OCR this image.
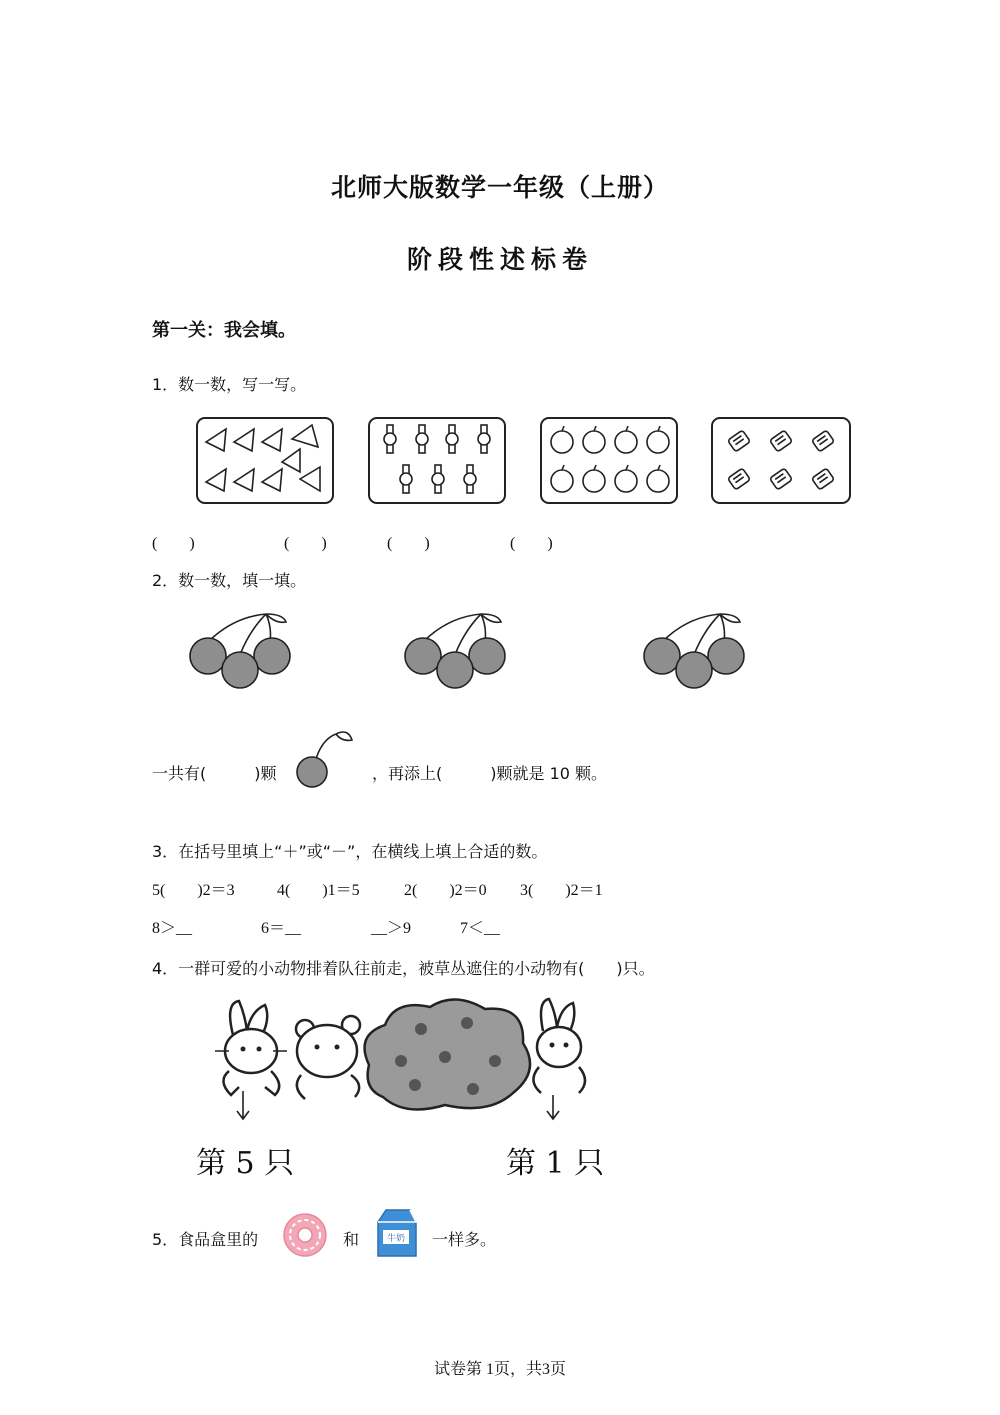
北师大版数学一年级（上册）
阶段性述标卷
第一关：我会填。
1．数一数，写一写。
(　　)	(　　)	(　　)	(　　)
2．数一数，填一填。
一共有(　　　)颗	，再添上(　　　)颗就是 10 颗。
3．在括号里填上“＋”或“－”，在横线上填上合适的数。
5(　　)2＝3	4(　　)1＝5	2(　　)2＝0 3(　　)2＝1
8＞__	6＝__	__＞9	7＜__
4．一群可爱的小动物排着队往前走，被草丛遮住的小动物有(　　)只。
第 5 只	第 1 只
5．食品盒里的	和	牛奶 一样多。
试卷第 1页，共3页
